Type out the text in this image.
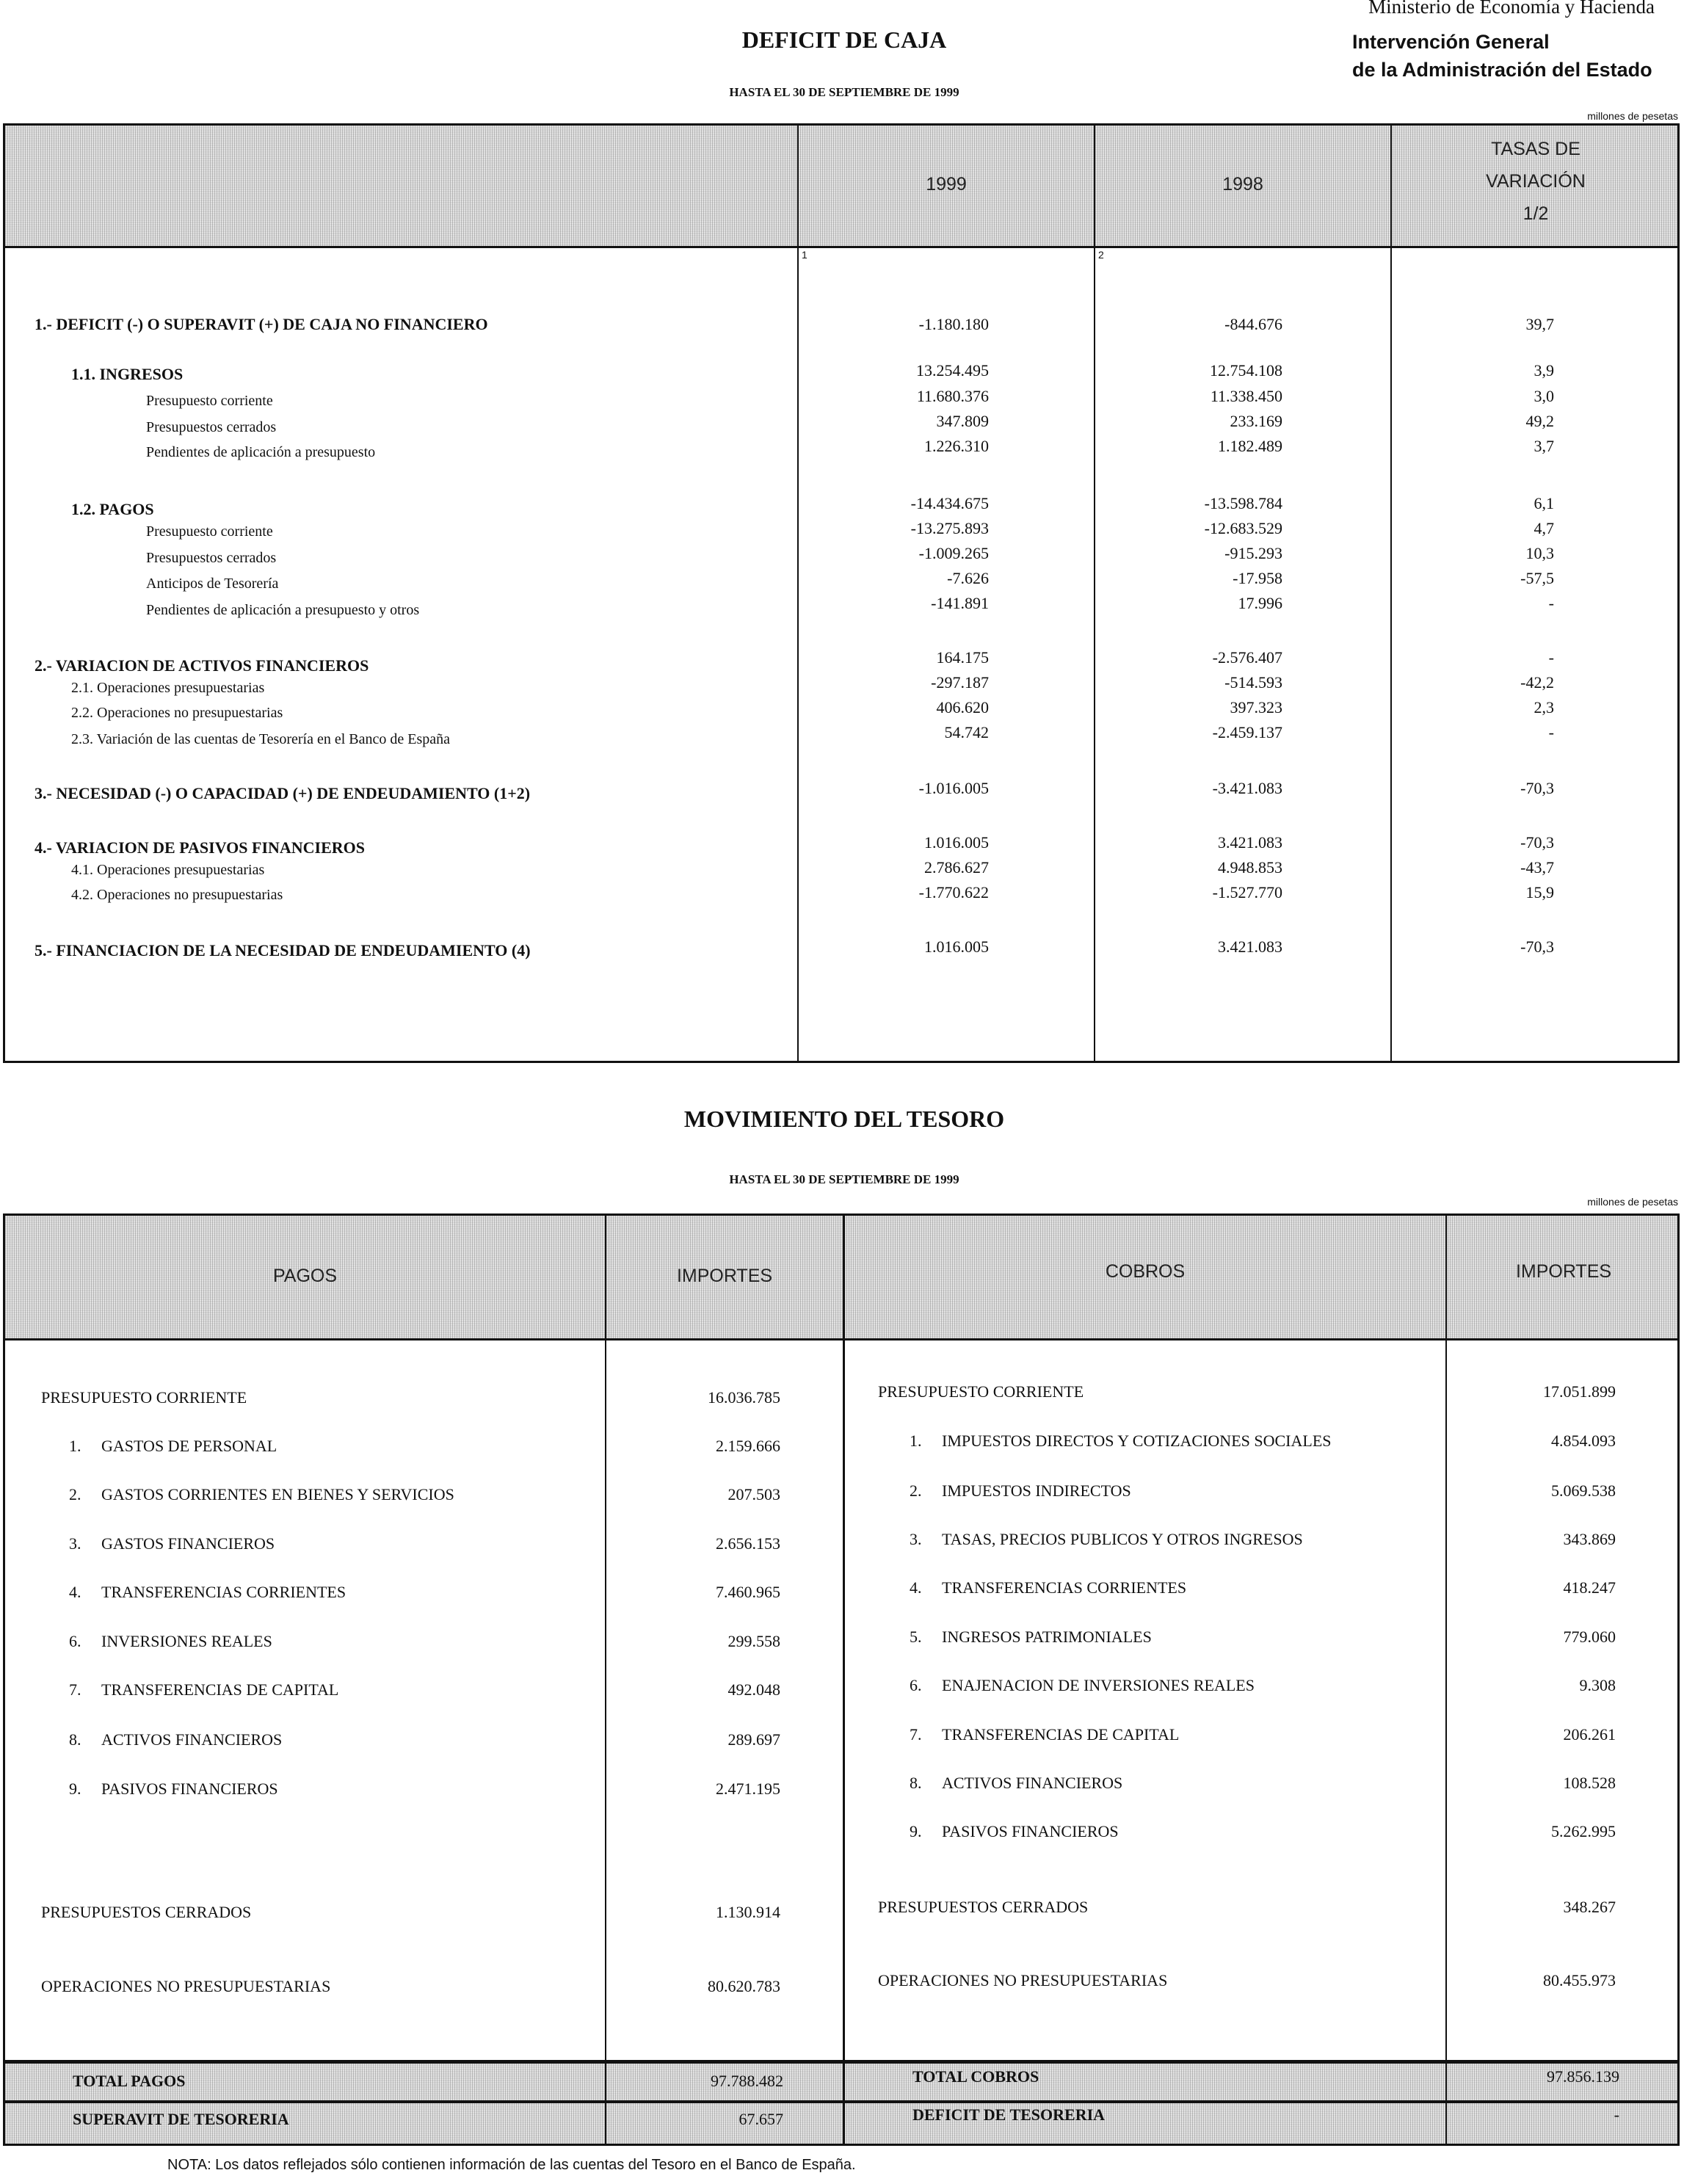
Ministerio de Economía y Hacienda
Intervención General
de la Administración del Estado
DEFICIT DE CAJA
HASTA EL 30 DE SEPTIEMBRE DE 1999
millones de pesetas
1999	1998
TASAS DE
VARIACIÓN
1/2
1	2
1.- DEFICIT (-) O SUPERAVIT (+) DE CAJA NO FINANCIERO	-1.180.180	-844.676	39,7
1.1. INGRESOS	13.254.495	12.754.108	3,9
Presupuesto corriente	11.680.376	11.338.450	3,0
Presupuestos cerrados	347.809	233.169	49,2
Pendientes de aplicación a presupuesto	1.226.310	1.182.489	3,7
1.2. PAGOS	-14.434.675	-13.598.784	6,1
Presupuesto corriente	-13.275.893	-12.683.529	4,7
Presupuestos cerrados	-1.009.265	-915.293	10,3
Anticipos de Tesorería	-7.626	-17.958	-57,5
Pendientes de aplicación a presupuesto y otros	-141.891	17.996	-
2.- VARIACION DE ACTIVOS FINANCIEROS	164.175	-2.576.407	-
2.1. Operaciones presupuestarias	-297.187	-514.593	-42,2
2.2. Operaciones no presupuestarias	406.620	397.323	2,3
2.3. Variación de las cuentas de Tesorería en el Banco de España	54.742	-2.459.137	-
3.- NECESIDAD (-) O CAPACIDAD (+) DE ENDEUDAMIENTO (1+2)	-1.016.005	-3.421.083	-70,3
4.- VARIACION DE PASIVOS FINANCIEROS	1.016.005	3.421.083	-70,3
4.1. Operaciones presupuestarias	2.786.627	4.948.853	-43,7
4.2. Operaciones no presupuestarias	-1.770.622	-1.527.770	15,9
5.- FINANCIACION DE LA NECESIDAD DE ENDEUDAMIENTO (4)	1.016.005	3.421.083	-70,3
MOVIMIENTO DEL TESORO
HASTA EL 30 DE SEPTIEMBRE DE 1999
millones de pesetas
PAGOS	IMPORTES	COBROS	IMPORTES
PRESUPUESTO CORRIENTE	16.036.785
1. GASTOS DE PERSONAL	2.159.666
2. GASTOS CORRIENTES EN BIENES Y SERVICIOS	207.503
3. GASTOS FINANCIEROS	2.656.153
4. TRANSFERENCIAS CORRIENTES	7.460.965
6. INVERSIONES REALES	299.558
7. TRANSFERENCIAS DE CAPITAL	492.048
8. ACTIVOS FINANCIEROS	289.697
9. PASIVOS FINANCIEROS	2.471.195
PRESUPUESTOS CERRADOS	1.130.914
OPERACIONES NO PRESUPUESTARIAS	80.620.783
PRESUPUESTO CORRIENTE	17.051.899
1. IMPUESTOS DIRECTOS Y COTIZACIONES SOCIALES	4.854.093
2. IMPUESTOS INDIRECTOS	5.069.538
3. TASAS, PRECIOS PUBLICOS Y OTROS INGRESOS	343.869
4. TRANSFERENCIAS CORRIENTES	418.247
5. INGRESOS PATRIMONIALES	779.060
6. ENAJENACION DE INVERSIONES REALES	9.308
7. TRANSFERENCIAS DE CAPITAL	206.261
8. ACTIVOS FINANCIEROS	108.528
9. PASIVOS FINANCIEROS	5.262.995
PRESUPUESTOS CERRADOS	348.267
OPERACIONES NO PRESUPUESTARIAS	80.455.973
TOTAL PAGOS	97.788.482	TOTAL COBROS	97.856.139
SUPERAVIT DE TESORERIA	67.657	DEFICIT DE TESORERIA	-
NOTA: Los datos reflejados sólo contienen información de las cuentas del Tesoro en el Banco de España.
